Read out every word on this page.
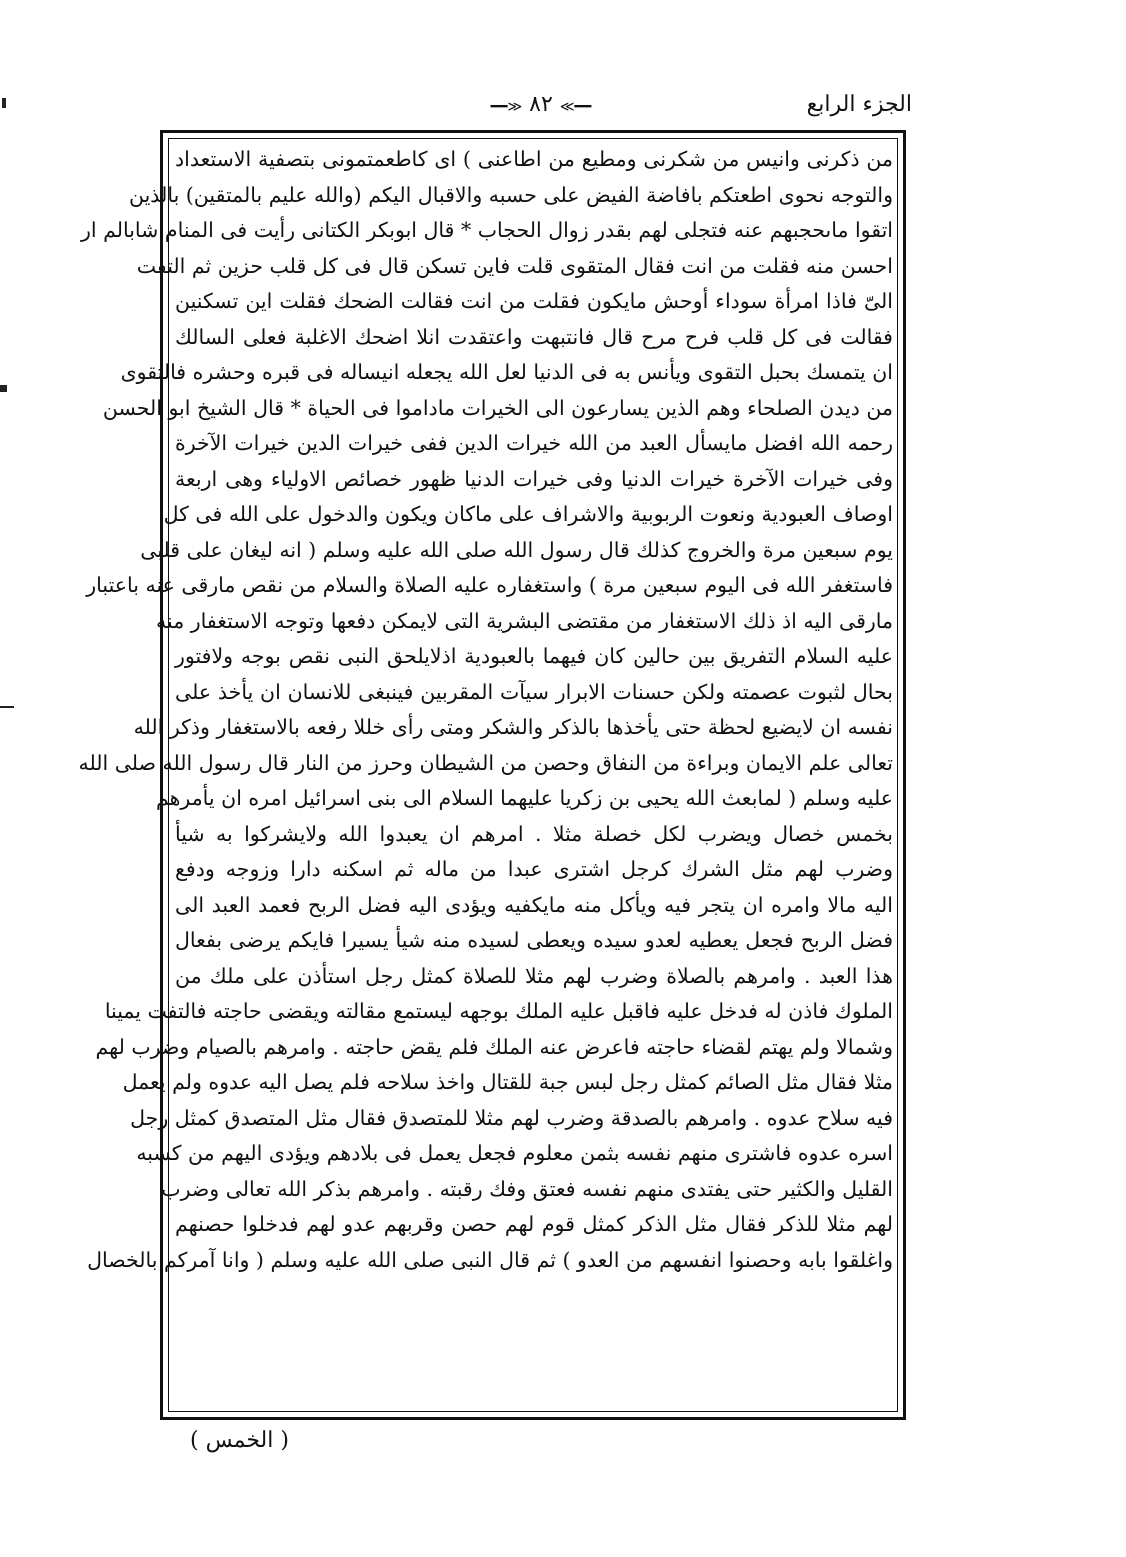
الجزء الرابع
━━≫ ٨٢ ≪━━
من ذكرنى وانيس من شكرنى ومطيع من اطاعنى ) اى كاطعمتمونى بتصفية الاستعداد
والتوجه نحوى اطعتكم بافاضة الفيض على حسبه والاقبال اليكم (والله عليم بالمتقين) بالذين
اتقوا ماىحجبهم عنه فتجلى لهم بقدر زوال الحجاب * قال ابوبكر الكتانى رأيت فى المنام شابالم ار
احسن منه فقلت من انت فقال المتقوى قلت فاين تسكن قال فى كل قلب حزين ثم التفت
الىّ فاذا امرأة سوداء أوحش مايكون فقلت من انت فقالت الضحك فقلت اين تسكنين
فقالت فى كل قلب فرح مرح قال فانتبهت واعتقدت انلا اضحك الاغلبة فعلى السالك
ان يتمسك بحبل التقوى ويأنس به فى الدنيا لعل الله يجعله انيساله فى قبره وحشره فالتقوى
من ديدن الصلحاء وهم الذين يسارعون الى الخيرات ماداموا فى الحياة * قال الشيخ ابو الحسن
رحمه الله افضل مايسأل العبد من الله خيرات الدين ففى خيرات الدين خيرات الآخرة
وفى خيرات الآخرة خيرات الدنيا وفى خيرات الدنيا ظهور خصائص الاولياء وهى اربعة
اوصاف العبودية ونعوت الربوبية والاشراف على ماكان ويكون والدخول على الله فى كل
يوم سبعين مرة والخروج كذلك قال رسول الله صلى الله عليه وسلم ( انه ليغان على قلبى
فاستغفر الله فى اليوم سبعين مرة ) واستغفاره عليه الصلاة والسلام من نقص مارقى عنه باعتبار
مارقى اليه اذ ذلك الاستغفار من مقتضى البشرية التى لايمكن دفعها وتوجه الاستغفار منه
عليه السلام التفريق بين حالين كان فيهما بالعبودية اذلايلحق النبى نقص بوجه ولافتور
بحال لثبوت عصمته ولكن حسنات الابرار سيآت المقربين فينبغى للانسان ان يأخذ على
نفسه ان لايضيع لحظة حتى يأخذها بالذكر والشكر ومتى رأى خللا رفعه بالاستغفار وذكر الله
تعالى علم الايمان وبراءة من النفاق وحصن من الشيطان وحرز من النار قال رسول الله صلى الله
عليه وسلم ( لمابعث الله يحيى بن زكريا عليهما السلام الى بنى اسرائيل امره ان يأمرهم
بخمس خصال ويضرب لكل خصلة مثلا . امرهم ان يعبدوا الله ولايشركوا به شيأ
وضرب لهم مثل الشرك كرجل اشترى عبدا من ماله ثم اسكنه دارا وزوجه ودفع
اليه مالا وامره ان يتجر فيه ويأكل منه مايكفيه ويؤدى اليه فضل الربح فعمد العبد الى
فضل الربح فجعل يعطيه لعدو سيده ويعطى لسيده منه شيأ يسيرا فايكم يرضى بفعال
هذا العبد . وامرهم بالصلاة وضرب لهم مثلا للصلاة كمثل رجل استأذن على ملك من
الملوك فاذن له فدخل عليه فاقبل عليه الملك بوجهه ليستمع مقالته ويقضى حاجته فالتفت يمينا
وشمالا ولم يهتم لقضاء حاجته فاعرض عنه الملك فلم يقض حاجته . وامرهم بالصيام وضرب لهم
مثلا فقال مثل الصائم كمثل رجل لبس جبة للقتال واخذ سلاحه فلم يصل اليه عدوه ولم يعمل
فيه سلاح عدوه . وامرهم بالصدقة وضرب لهم مثلا للمتصدق فقال مثل المتصدق كمثل رجل
اسره عدوه فاشترى منهم نفسه بثمن معلوم فجعل يعمل فى بلادهم ويؤدى اليهم من كسبه
القليل والكثير حتى يفتدى منهم نفسه فعتق وفك رقبته . وامرهم بذكر الله تعالى وضرب
لهم مثلا للذكر فقال مثل الذكر كمثل قوم لهم حصن وقربهم عدو لهم فدخلوا حصنهم
واغلقوا بابه وحصنوا انفسهم من العدو ) ثم قال النبى صلى الله عليه وسلم ( وانا آمركم بالخصال
( الخمس )
